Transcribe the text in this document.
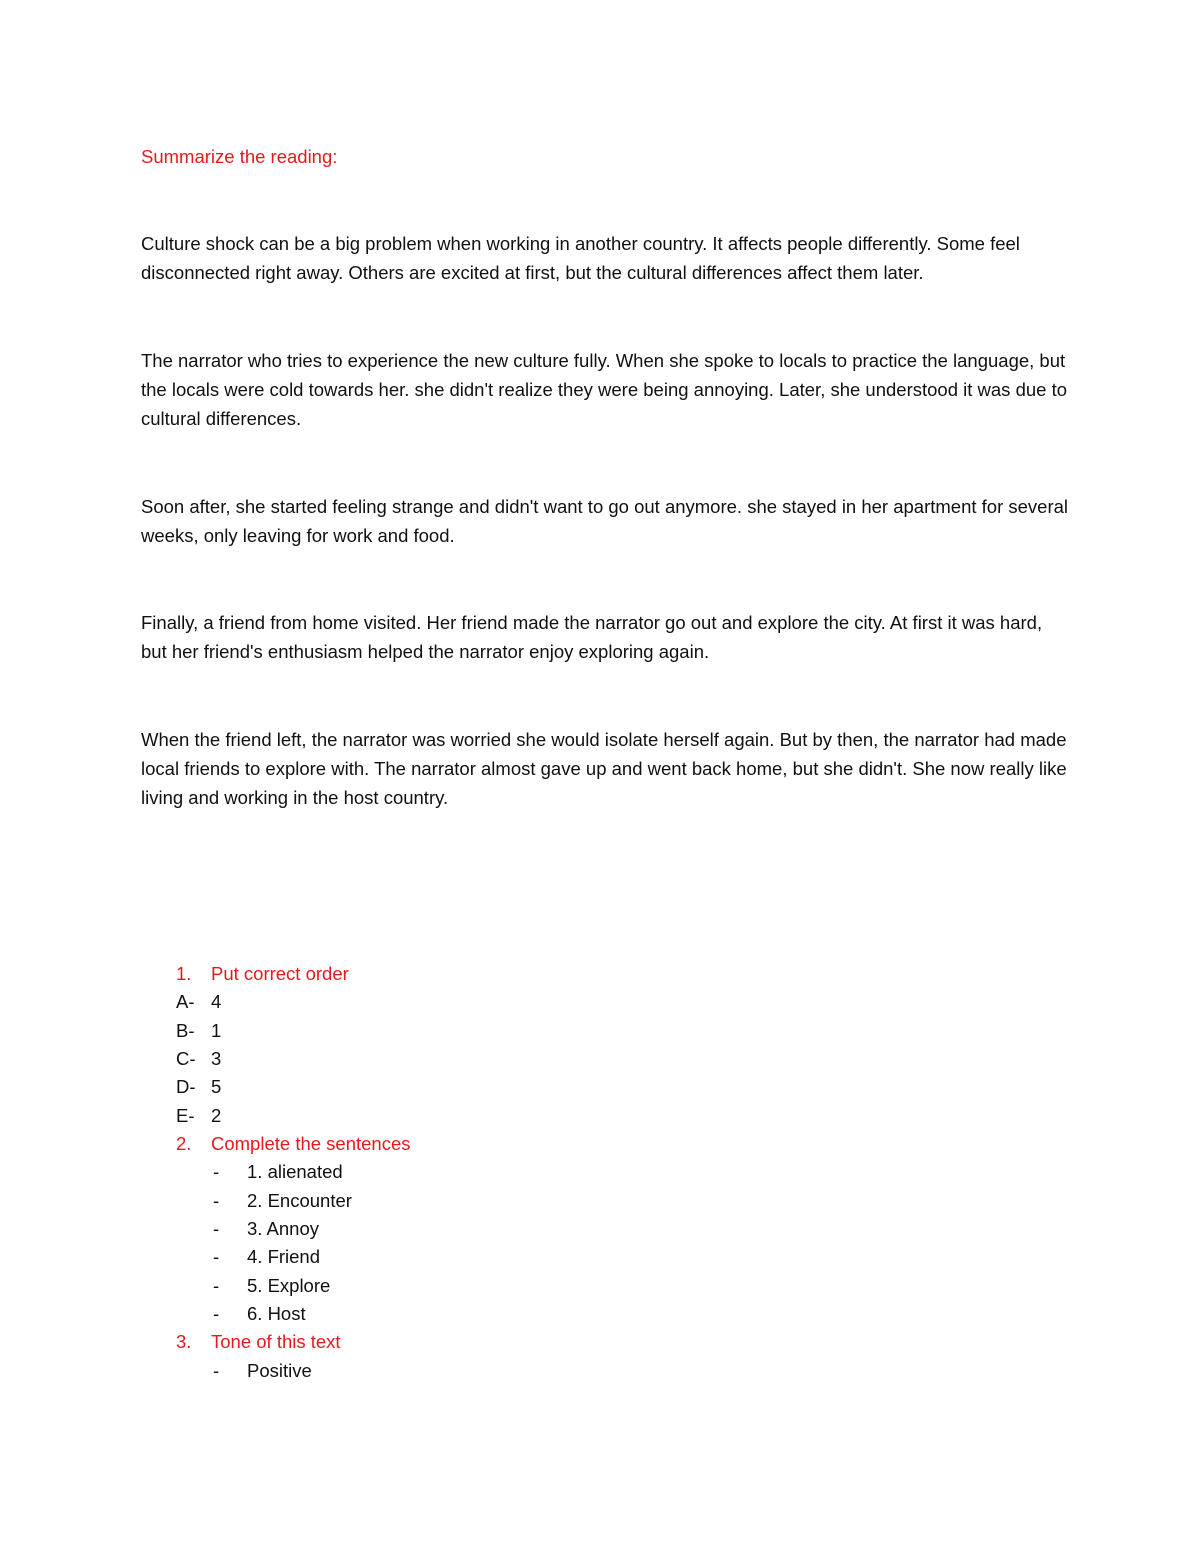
Summarize the reading:

Culture shock can be a big problem when working in another country. It affects people differently. Some feel disconnected right away. Others are excited at first, but the cultural differences affect them later.

The narrator who tries to experience the new culture fully. When she spoke to locals to practice the language, but the locals were cold towards her. she didn't realize they were being annoying. Later, she understood it was due to cultural differences.

Soon after, she started feeling strange and didn't want to go out anymore. she stayed in her apartment for several weeks, only leaving for work and food.

Finally, a friend from home visited. Her friend made the narrator go out and explore the city. At first it was hard, but her friend's enthusiasm helped the narrator enjoy exploring again.

When the friend left, the narrator was worried she would isolate herself again. But by then, the narrator had made local friends to explore with. The narrator almost gave up and went back home, but she didn't. She now really like living and working in the host country.

1. Put correct order
A- 4
B- 1
C- 3
D- 5
E- 2
2. Complete the sentences
- 1. alienated
- 2. Encounter
- 3. Annoy
- 4. Friend
- 5. Explore
- 6. Host
3. Tone of this text
- Positive
